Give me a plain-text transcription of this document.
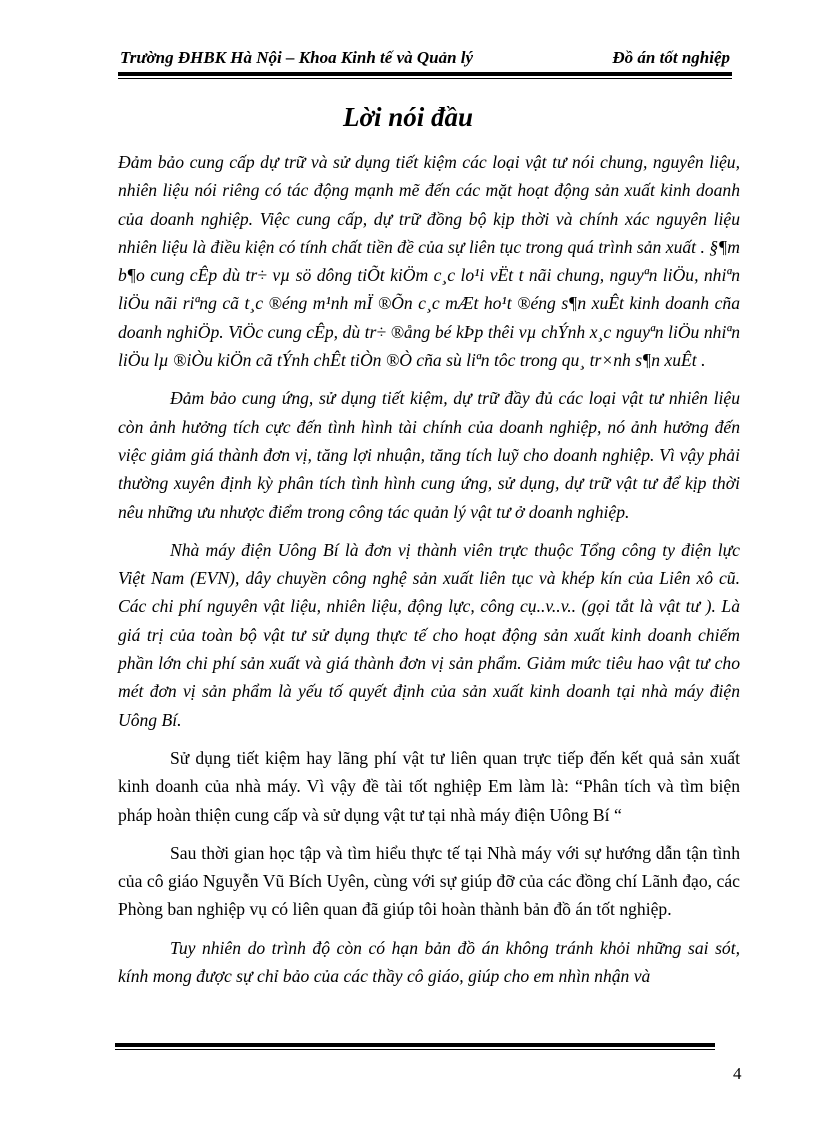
Trường ĐHBK Hà Nội – Khoa Kinh tế và Quản lý	Đồ án tốt nghiệp
Lời nói đầu

Đảm bảo cung cấp dự trữ và sử dụng tiết kiệm các loại vật tư nói chung, nguyên liệu, nhiên liệu nói riêng có tác động mạnh mẽ đến các mặt hoạt động sản xuất kinh doanh của doanh nghiệp. Việc cung cấp, dự trữ đồng bộ kịp thời và chính xác nguyên liệu nhiên liệu là điều kiện có tính chất tiền đề của sự liên tục trong quá trình sản xuất . §¶m b¶o cung cÊp dù tr÷ vµ sö dông tiÕt kiÖm c¸c lo¹i vËt t nãi chung, nguyªn liÖu, nhiªn liÖu nãi riªng cã t¸c ®éng m¹nh mÏ ®Õn c¸c mÆt ho¹t ®éng s¶n xuÊt kinh doanh cña doanh nghiÖp. ViÖc cung cÊp, dù tr÷ ®ång bé kÞp thêi vµ chÝnh x¸c nguyªn liÖu nhiªn liÖu lµ ®iÒu kiÖn cã tÝnh chÊt tiÒn ®Ò cña sù liªn tôc trong qu¸ tr×nh s¶n xuÊt .

Đảm bảo cung ứng, sử dụng tiết kiệm, dự trữ đầy đủ các loại vật tư nhiên liệu còn ảnh hưởng tích cực đến tình hình tài chính của doanh nghiệp, nó ảnh hưởng đến việc giảm giá thành đơn vị, tăng lợi nhuận, tăng tích luỹ cho doanh nghiệp. Vì vậy phải thường xuyên định kỳ phân tích tình hình cung ứng, sử dụng, dự trữ vật tư để kịp thời nêu những ưu nhược điểm trong công tác quản lý vật tư ở doanh nghiệp.

Nhà máy điện Uông Bí là đơn vị thành viên trực thuộc Tổng công ty điện lực Việt Nam (EVN), dây chuyền công nghệ sản xuất liên tục và khép kín của Liên xô cũ. Các chi phí nguyên vật liệu, nhiên liệu, động lực, công cụ..v..v.. (gọi tắt là vật tư ). Là giá trị của toàn bộ vật tư sử dụng thực tế cho hoạt động sản xuất kinh doanh chiếm phần lớn chi phí sản xuất và giá thành đơn vị sản phẩm. Giảm mức tiêu hao vật tư cho mét đơn vị sản phẩm là yếu tố quyết định của sản xuất kinh doanh tại nhà máy điện Uông Bí.

Sử dụng tiết kiệm hay lãng phí vật tư liên quan trực tiếp đến kết quả sản xuất kinh doanh của nhà máy. Vì vậy đề tài tốt nghiệp Em làm là: “Phân tích và tìm biện pháp hoàn thiện cung cấp và sử dụng vật tư tại nhà máy điện Uông Bí “

Sau thời gian học tập và tìm hiểu thực tế tại Nhà máy với sự hướng dẫn tận tình của cô giáo Nguyễn Vũ Bích Uyên, cùng với sự giúp đỡ của các đồng chí Lãnh đạo, các Phòng ban nghiệp vụ có liên quan đã giúp tôi hoàn thành bản đồ án tốt nghiệp.

Tuy nhiên do trình độ còn có hạn bản đồ án không tránh khỏi những sai sót, kính mong được sự chỉ bảo của các thầy cô giáo, giúp cho em nhìn nhận và

4
